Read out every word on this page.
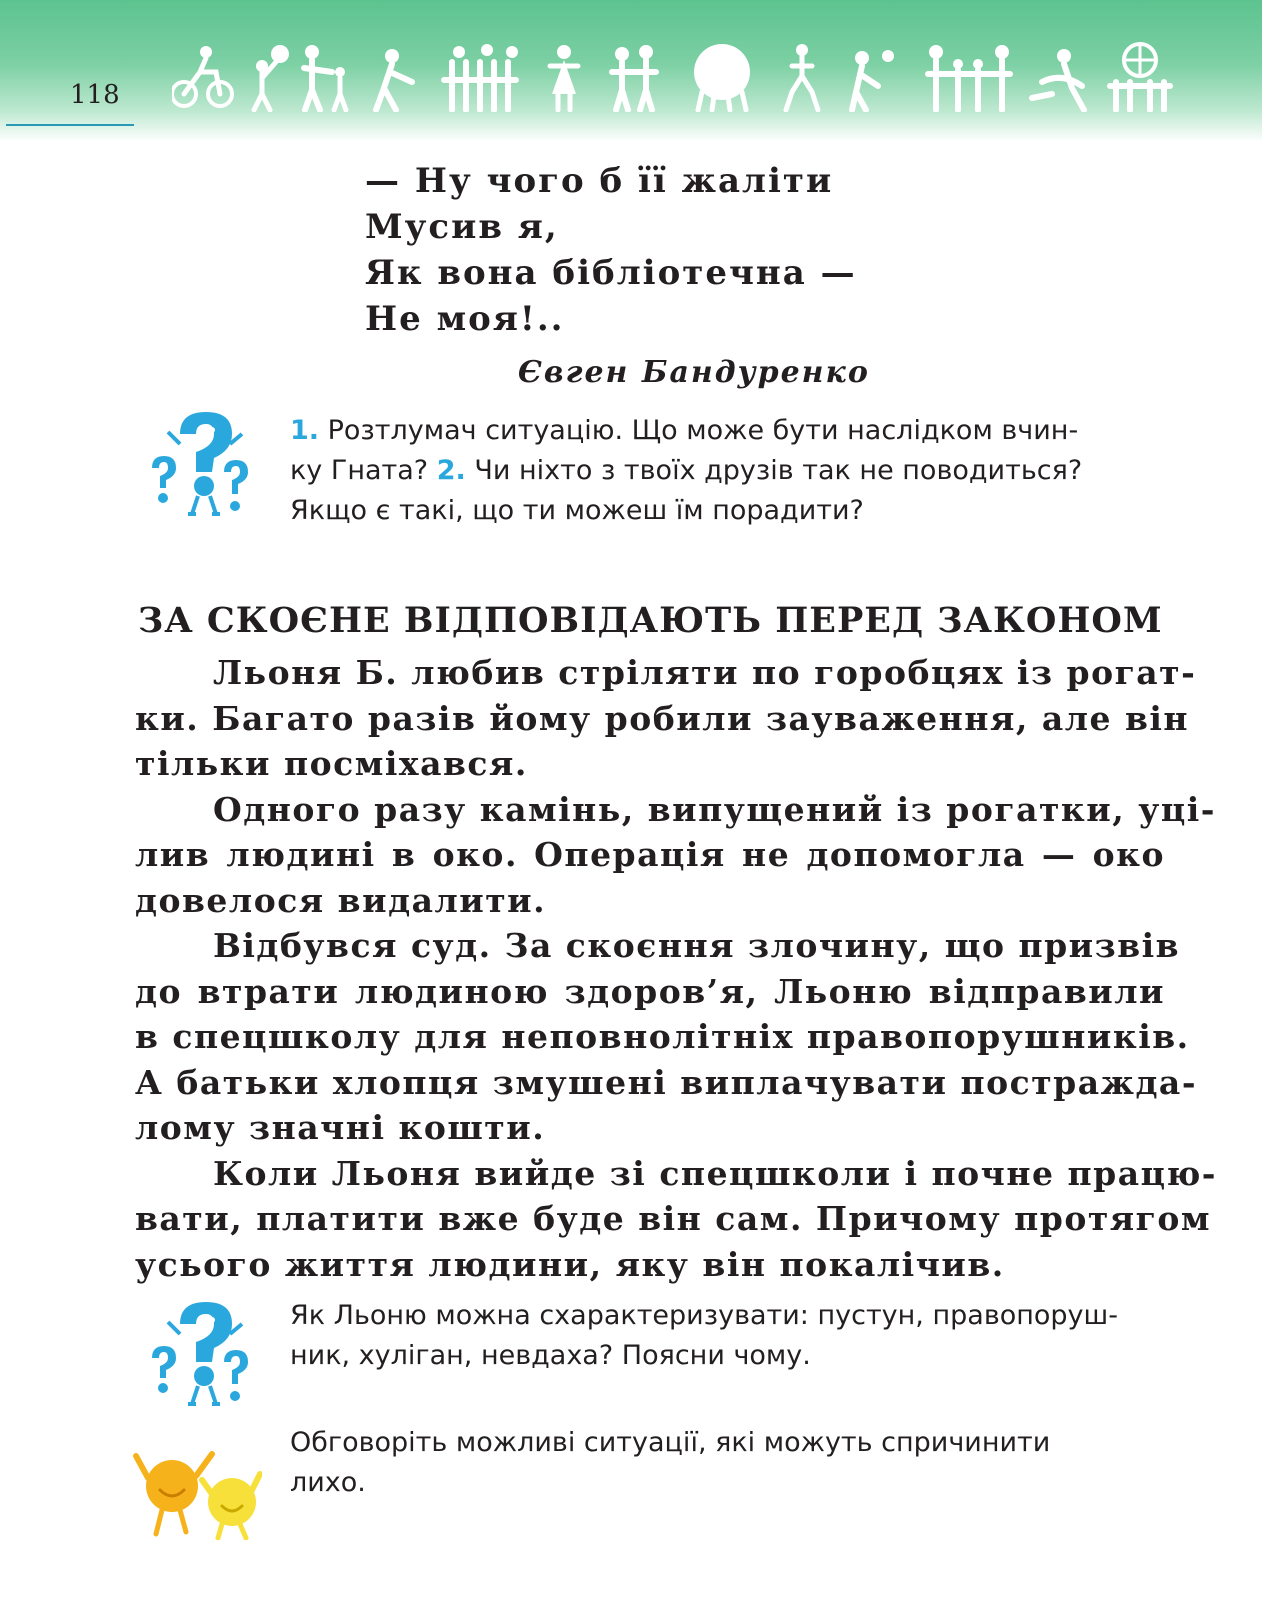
118
— Ну чого б її жаліти
Мусив я,
Як вона бібліотечна —
Не моя!..
Євген Бандуренко
1. Розтлумач ситуацію. Що може бути наслідком вчин-
ку Гната? 2. Чи ніхто з твоїх друзів так не поводиться?
Якщо є такі, що ти можеш їм порадити?
ЗА СКОЄНЕ ВІДПОВІДАЮТЬ ПЕРЕД ЗАКОНОМ

Льоня Б. любив стріляти по горобцях із рогат-
ки. Багато разів йому робили зауваження, але він
тільки посміхався.

Одного разу камінь, випущений із рогатки, уці-
лив людині в око. Операція не допомогла — око
довелося видалити.

Відбувся суд. За скоєння злочину, що призвів
до втрати людиною здоров’я, Льоню відправили
в спецшколу для неповнолітніх правопорушників.
А батьки хлопця змушені виплачувати постражда-
лому значні кошти.

Коли Льоня вийде зі спецшколи і почне працю-
вати, платити вже буде він сам. Причому протягом
усього життя людини, яку він покалічив.

Як Льоню можна схарактеризувати: пустун, правопоруш-
ник, хуліган, невдаха? Поясни чому.
Обговоріть можливі ситуації, які можуть спричинити
лихо.
